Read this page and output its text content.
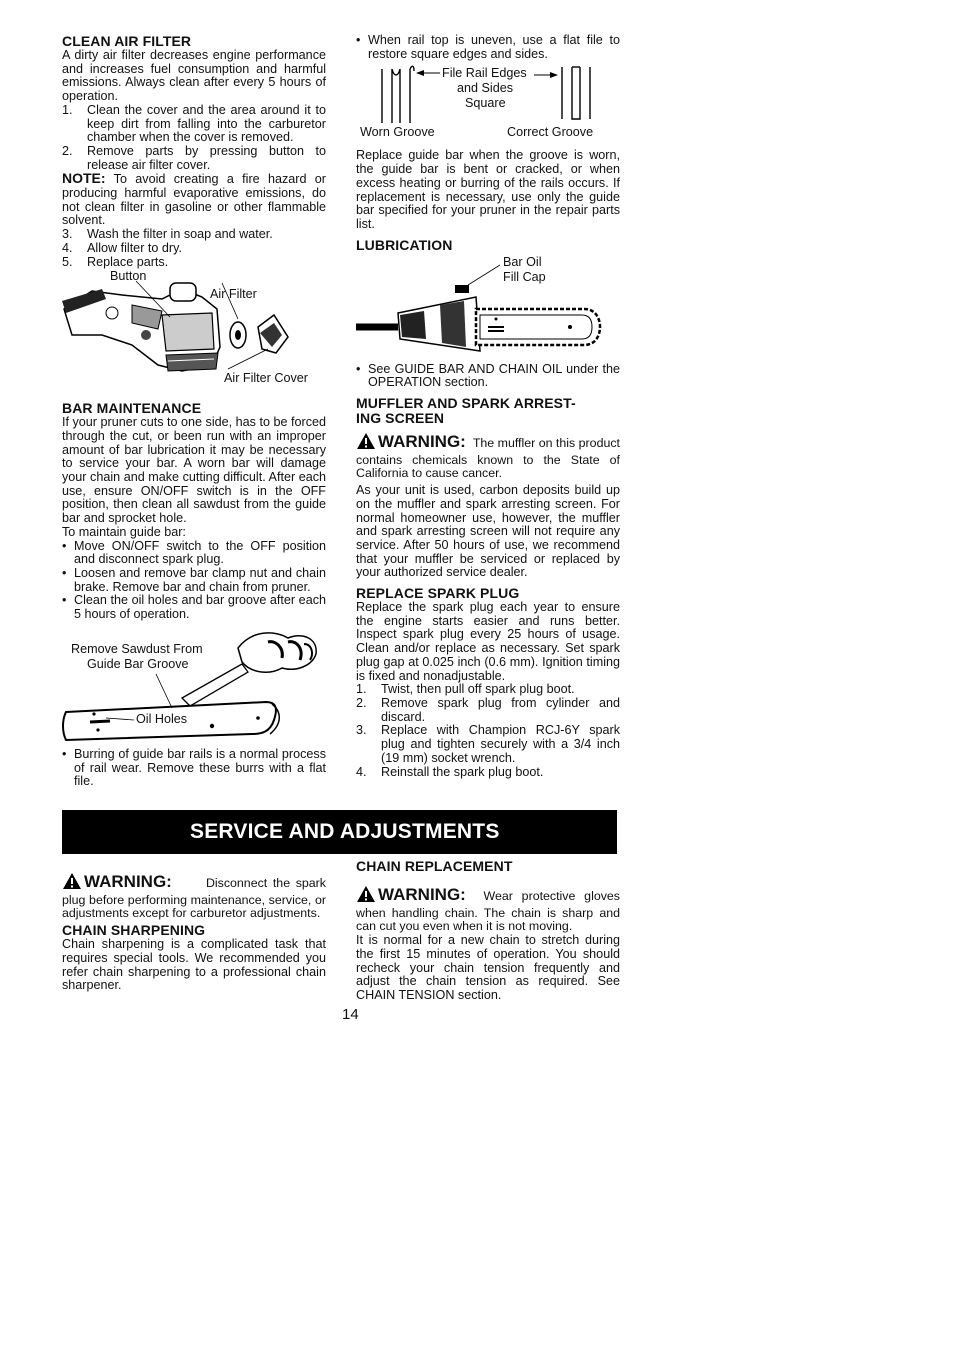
CLEAN AIR FILTER

A dirty air filter decreases engine performance and increases fuel consumption and harmful emissions. Always clean after every 5 hours of operation.

1. Clean the cover and the area around it to keep dirt from falling into the carburetor chamber when the cover is removed.
2. Remove parts by pressing button to release air filter cover.

NOTE: To avoid creating a fire hazard or producing harmful evaporative emissions, do not clean filter in gasoline or other flammable solvent.

3. Wash the filter in soap and water.
4. Allow filter to dry.
5. Replace parts.
Button
Air Filter
Air Filter Cover
BAR MAINTENANCE

If your pruner cuts to one side, has to be forced through the cut, or been run with an improper amount of bar lubrication it may be necessary to service your bar. A worn bar will damage your chain and make cutting difficult. After each use, ensure ON/OFF switch is in the OFF position, then clean all sawdust from the guide bar and sprocket hole.

To maintain guide bar:

• Move ON/OFF switch to the OFF position and disconnect spark plug.
• Loosen and remove bar clamp nut and chain brake. Remove bar and chain from pruner.
• Clean the oil holes and bar groove after each 5 hours of operation.
Remove Sawdust From
Guide Bar Groove
Oil Holes
• Burring of guide bar rails is a normal process of rail wear. Remove these burrs with a flat file.
• When rail top is uneven, use a flat file to restore square edges and sides.
File Rail Edges
and Sides
Square
Worn Groove	Correct Groove

Replace guide bar when the groove is worn, the guide bar is bent or cracked, or when excess heating or burring of the rails occurs. If replacement is necessary, use only the guide bar specified for your pruner in the repair parts list.

LUBRICATION
Bar Oil
Fill Cap
• See GUIDE BAR AND CHAIN OIL under the OPERATION section.
MUFFLER AND SPARK ARREST-
ING SCREEN

WARNING: The muffler on this product contains chemicals known to the State of California to cause cancer.

As your unit is used, carbon deposits build up on the muffler and spark arresting screen. For normal homeowner use, however, the muffler and spark arresting screen will not require any service. After 50 hours of use, we recommend that your muffler be serviced or replaced by your authorized service dealer.

REPLACE SPARK PLUG

Replace the spark plug each year to ensure the engine starts easier and runs better. Inspect spark plug every 25 hours of usage. Clean and/or replace as necessary. Set spark plug gap at 0.025 inch (0.6 mm). Ignition timing is fixed and nonadjustable.

1. Twist, then pull off spark plug boot.
2. Remove spark plug from cylinder and discard.
3. Replace with Champion RCJ-6Y spark plug and tighten securely with a 3/4 inch (19 mm) socket wrench.
4. Reinstall the spark plug boot.
SERVICE AND ADJUSTMENTS

WARNING:	Disconnect the spark plug before performing maintenance, service, or adjustments except for carburetor adjustments.

CHAIN SHARPENING

Chain sharpening is a complicated task that requires special tools. We recommended you refer chain sharpening to a professional chain sharpener.

CHAIN REPLACEMENT

WARNING: Wear protective gloves when handling chain. The chain is sharp and can cut you even when it is not moving.

It is normal for a new chain to stretch during the first 15 minutes of operation. You should recheck your chain tension frequently and adjust the chain tension as required. See CHAIN TENSION section.

14
